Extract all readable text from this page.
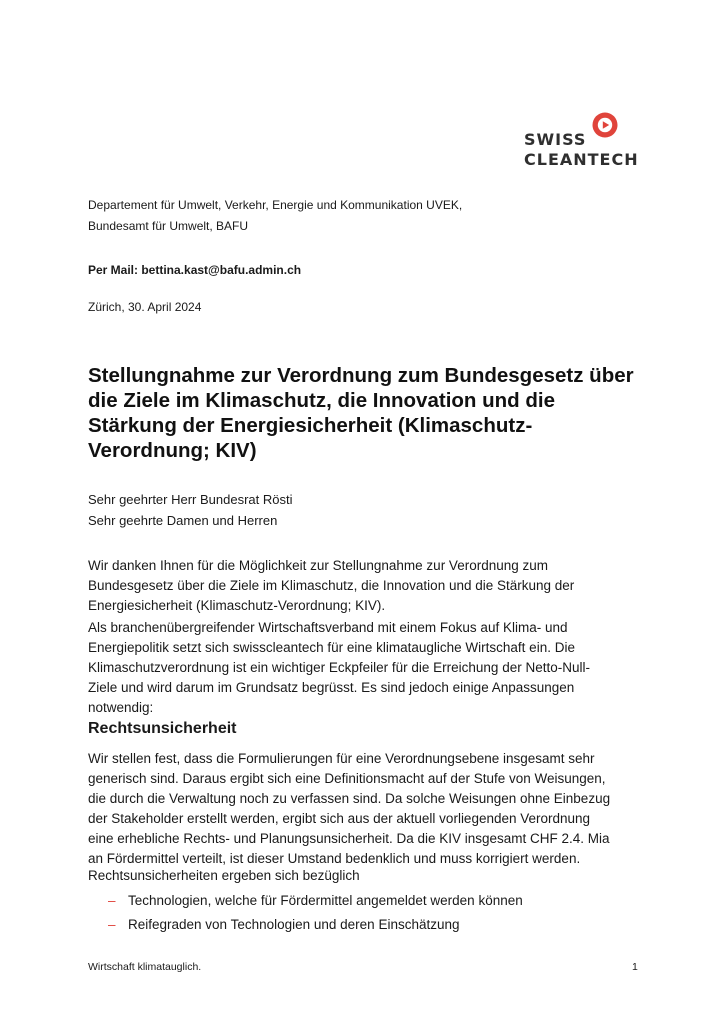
SWISS
CLEANTECH
Departement für Umwelt, Verkehr, Energie und Kommunikation UVEK,
Bundesamt für Umwelt, BAFU
Per Mail: bettina.kast@bafu.admin.ch
Zürich, 30. April 2024
Stellungnahme zur Verordnung zum Bundesgesetz über
die Ziele im Klimaschutz, die Innovation und die
Stärkung der Energiesicherheit (Klimaschutz-
Verordnung; KIV)
Sehr geehrter Herr Bundesrat Rösti
Sehr geehrte Damen und Herren

Wir danken Ihnen für die Möglichkeit zur Stellungnahme zur Verordnung zum
Bundesgesetz über die Ziele im Klimaschutz, die Innovation und die Stärkung der
Energiesicherheit (Klimaschutz-Verordnung; KIV).

Als branchenübergreifender Wirtschaftsverband mit einem Fokus auf Klima- und
Energiepolitik setzt sich swisscleantech für eine klimataugliche Wirtschaft ein. Die
Klimaschutzverordnung ist ein wichtiger Eckpfeiler für die Erreichung der Netto-Null-
Ziele und wird darum im Grundsatz begrüsst. Es sind jedoch einige Anpassungen
notwendig:

Rechtsunsicherheit

Wir stellen fest, dass die Formulierungen für eine Verordnungsebene insgesamt sehr
generisch sind. Daraus ergibt sich eine Definitionsmacht auf der Stufe von Weisungen,
die durch die Verwaltung noch zu verfassen sind. Da solche Weisungen ohne Einbezug
der Stakeholder erstellt werden, ergibt sich aus der aktuell vorliegenden Verordnung
eine erhebliche Rechts- und Planungsunsicherheit. Da die KIV insgesamt CHF 2.4. Mia
an Fördermittel verteilt, ist dieser Umstand bedenklich und muss korrigiert werden.

Rechtsunsicherheiten ergeben sich bezüglich

– Technologien, welche für Fördermittel angemeldet werden können
– Reifegraden von Technologien und deren Einschätzung
Wirtschaft klimatauglich.	1
